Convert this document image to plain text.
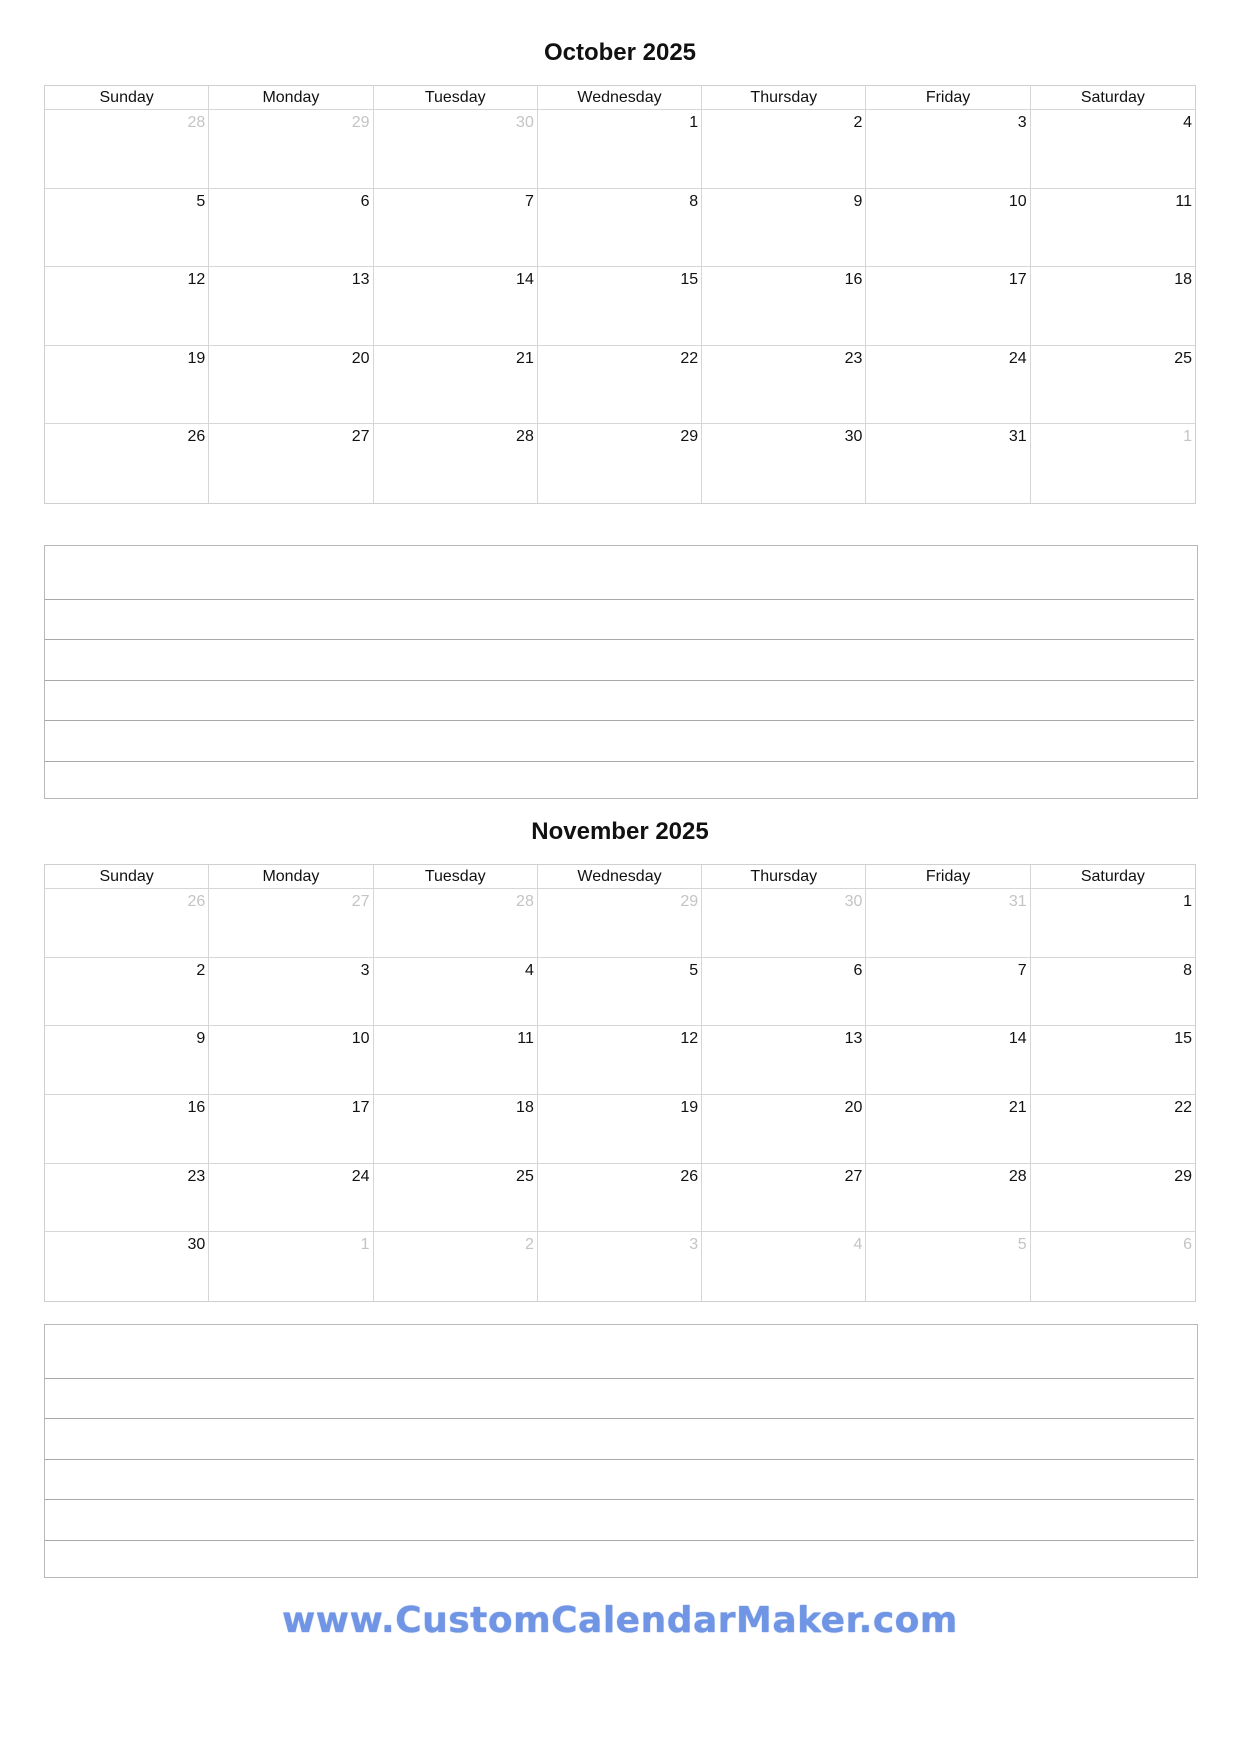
October 2025
Sunday	Monday	Tuesday	Wednesday	Thursday	Friday	Saturday
28	29	30	1	2	3	4
5	6	7	8	9	10	11
12	13	14	15	16	17	18
19	20	21	22	23	24	25
26	27	28	29	30	31	1
November 2025
Sunday	Monday	Tuesday	Wednesday	Thursday	Friday	Saturday
26	27	28	29	30	31	1
2	3	4	5	6	7	8
9	10	11	12	13	14	15
16	17	18	19	20	21	22
23	24	25	26	27	28	29
30	1	2	3	4	5	6
www.CustomCalendarMaker.com
